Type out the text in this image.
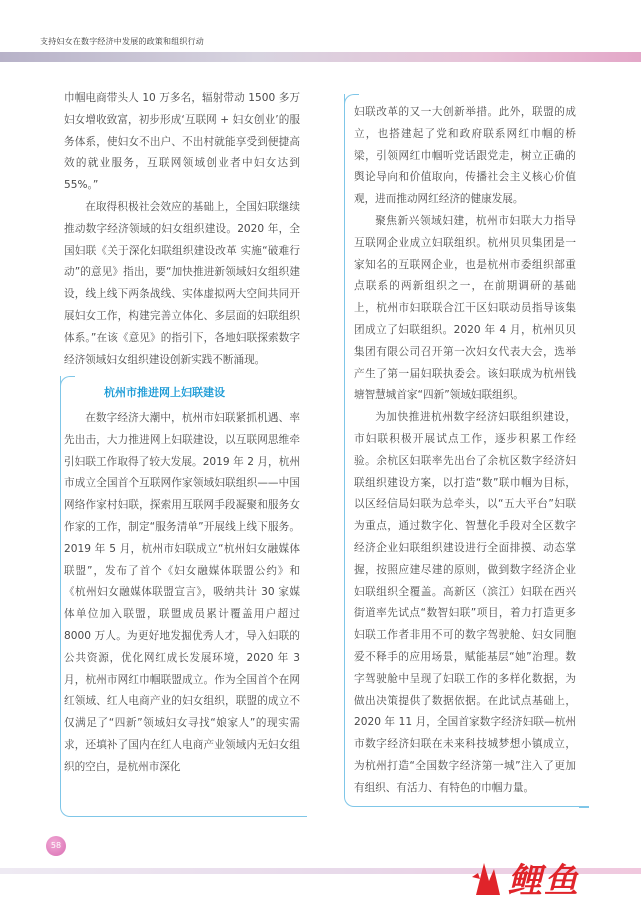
支持妇女在数字经济中发展的政策和组织行动

巾帼电商带头人 10 万多名，辐射带动 1500 多万妇女增收致富，初步形成‘互联网 + 妇女创业’的服务体系，使妇女不出户、不出村就能享受到便捷高效的就业服务，互联网领域创业者中妇女达到 55%。”

在取得积极社会效应的基础上，全国妇联继续推动数字经济领域的妇女组织建设。2020 年，全国妇联《关于深化妇联组织建设改革 实施“破难行动”的意见》指出，要“加快推进新领域妇女组织建设，线上线下两条战线、实体虚拟两大空间共同开展妇女工作，构建完善立体化、多层面的妇联组织体系。”在该《意见》的指引下，各地妇联探索数字经济领域妇女组织建设创新实践不断涌现。

杭州市推进网上妇联建设

在数字经济大潮中，杭州市妇联紧抓机遇、率先出击，大力推进网上妇联建设，以互联网思维牵引妇联工作取得了较大发展。2019 年 2 月，杭州市成立全国首个互联网作家领域妇联组织——中国网络作家村妇联，探索用互联网手段凝聚和服务女作家的工作，制定“服务清单”开展线上线下服务。2019 年 5 月，杭州市妇联成立“杭州妇女融媒体联盟”，发布了首个《妇女融媒体联盟公约》和《杭州妇女融媒体联盟宣言》，吸纳共计 30 家媒体单位加入联盟，联盟成员累计覆盖用户超过 8000 万人。为更好地发掘优秀人才，导入妇联的公共资源，优化网红成长发展环境，2020 年 3 月，杭州市网红巾帼联盟成立。作为全国首个在网红领域、红人电商产业的妇女组织，联盟的成立不仅满足了“四新”领域妇女寻找“娘家人”的现实需求，还填补了国内在红人电商产业领域内无妇女组织的空白，是杭州市深化

妇联改革的又一大创新举措。此外，联盟的成立，也搭建起了党和政府联系网红巾帼的桥梁，引领网红巾帼听党话跟党走，树立正确的舆论导向和价值取向，传播社会主义核心价值观，进而推动网红经济的健康发展。

聚焦新兴领域妇建，杭州市妇联大力指导互联网企业成立妇联组织。杭州贝贝集团是一家知名的互联网企业，也是杭州市委组织部重点联系的两新组织之一，在前期调研的基础上，杭州市妇联联合江干区妇联动员指导该集团成立了妇联组织。2020 年 4 月，杭州贝贝集团有限公司召开第一次妇女代表大会，选举产生了第一届妇联执委会。该妇联成为杭州钱塘智慧城首家“四新”领域妇联组织。

为加快推进杭州数字经济妇联组织建设，市妇联积极开展试点工作，逐步积累工作经验。余杭区妇联率先出台了余杭区数字经济妇联组织建设方案，以打造“数”联巾帼为目标，以区经信局妇联为总牵头，以“五大平台”妇联为重点，通过数字化、智慧化手段对全区数字经济企业妇联组织建设进行全面排摸、动态掌握，按照应建尽建的原则，做到数字经济企业妇联组织全覆盖。高新区（滨江）妇联在西兴街道率先试点“数智妇联”项目，着力打造更多妇联工作者非用不可的数字驾驶舱、妇女同胞爱不释手的应用场景，赋能基层“她”治理。数字驾驶舱中呈现了妇联工作的多样化数据，为做出决策提供了数据依据。在此试点基础上，2020 年 11 月，全国首家数字经济妇联—杭州市数字经济妇联在未来科技城梦想小镇成立，为杭州打造“全国数字经济第一城”注入了更加有组织、有活力、有特色的巾帼力量。

58
鲤鱼
